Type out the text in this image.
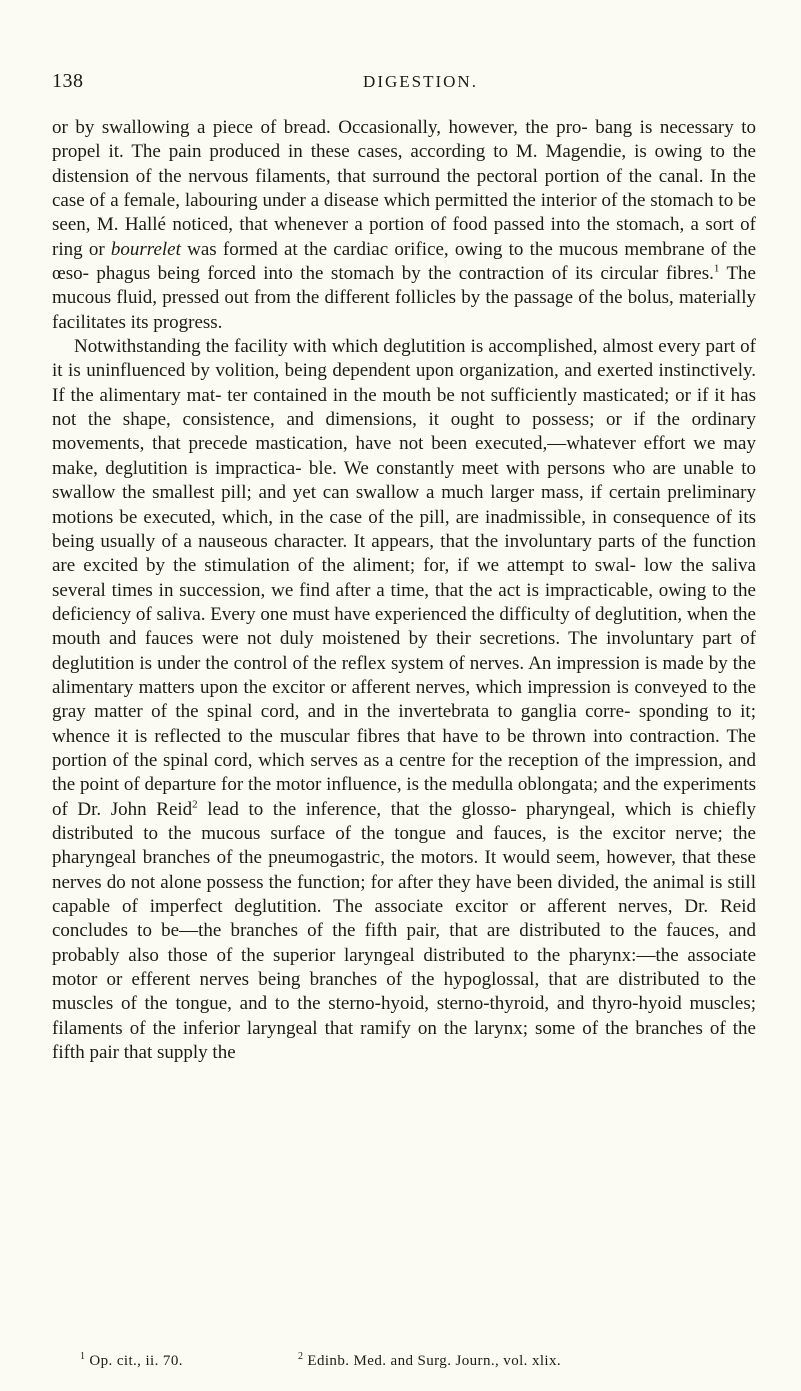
138	DIGESTION.

or by swallowing a piece of bread. Occasionally, however, the pro- bang is necessary to propel it. The pain produced in these cases, according to M. Magendie, is owing to the distension of the nervous filaments, that surround the pectoral portion of the canal. In the case of a female, labouring under a disease which permitted the interior of the stomach to be seen, M. Hallé noticed, that whenever a portion of food passed into the stomach, a sort of ring or bourrelet was formed at the cardiac orifice, owing to the mucous membrane of the œso- phagus being forced into the stomach by the contraction of its circular fibres.$^1$ The mucous fluid, pressed out from the different follicles by the passage of the bolus, materially facilitates its progress.

Notwithstanding the facility with which deglutition is accomplished, almost every part of it is uninfluenced by volition, being dependent upon organization, and exerted instinctively. If the alimentary mat- ter contained in the mouth be not sufficiently masticated; or if it has not the shape, consistence, and dimensions, it ought to possess; or if the ordinary movements, that precede mastication, have not been executed,—whatever effort we may make, deglutition is impractica- ble. We constantly meet with persons who are unable to swallow the smallest pill; and yet can swallow a much larger mass, if certain preliminary motions be executed, which, in the case of the pill, are inadmissible, in consequence of its being usually of a nauseous character. It appears, that the involuntary parts of the function are excited by the stimulation of the aliment; for, if we attempt to swal- low the saliva several times in succession, we find after a time, that the act is impracticable, owing to the deficiency of saliva. Every one must have experienced the difficulty of deglutition, when the mouth and fauces were not duly moistened by their secretions. The involuntary part of deglutition is under the control of the reflex system of nerves. An impression is made by the alimentary matters upon the excitor or afferent nerves, which impression is conveyed to the gray matter of the spinal cord, and in the invertebrata to ganglia corre- sponding to it; whence it is reflected to the muscular fibres that have to be thrown into contraction. The portion of the spinal cord, which serves as a centre for the reception of the impression, and the point of departure for the motor influence, is the medulla oblongata; and the experiments of Dr. John Reid$^2$ lead to the inference, that the glosso- pharyngeal, which is chiefly distributed to the mucous surface of the tongue and fauces, is the excitor nerve; the pharyngeal branches of the pneumogastric, the motors. It would seem, however, that these nerves do not alone possess the function; for after they have been divided, the animal is still capable of imperfect deglutition. The associate excitor or afferent nerves, Dr. Reid concludes to be—the branches of the fifth pair, that are distributed to the fauces, and probably also those of the superior laryngeal distributed to the pharynx:—the associate motor or efferent nerves being branches of the hypoglossal, that are distributed to the muscles of the tongue, and to the sterno-hyoid, sterno-thyroid, and thyro-hyoid muscles; filaments of the inferior laryngeal that ramify on the larynx; some of the branches of the fifth pair that supply the

$^1$ Op. cit., ii. 70.	$^2$ Edinb. Med. and Surg. Journ., vol. xlix.
